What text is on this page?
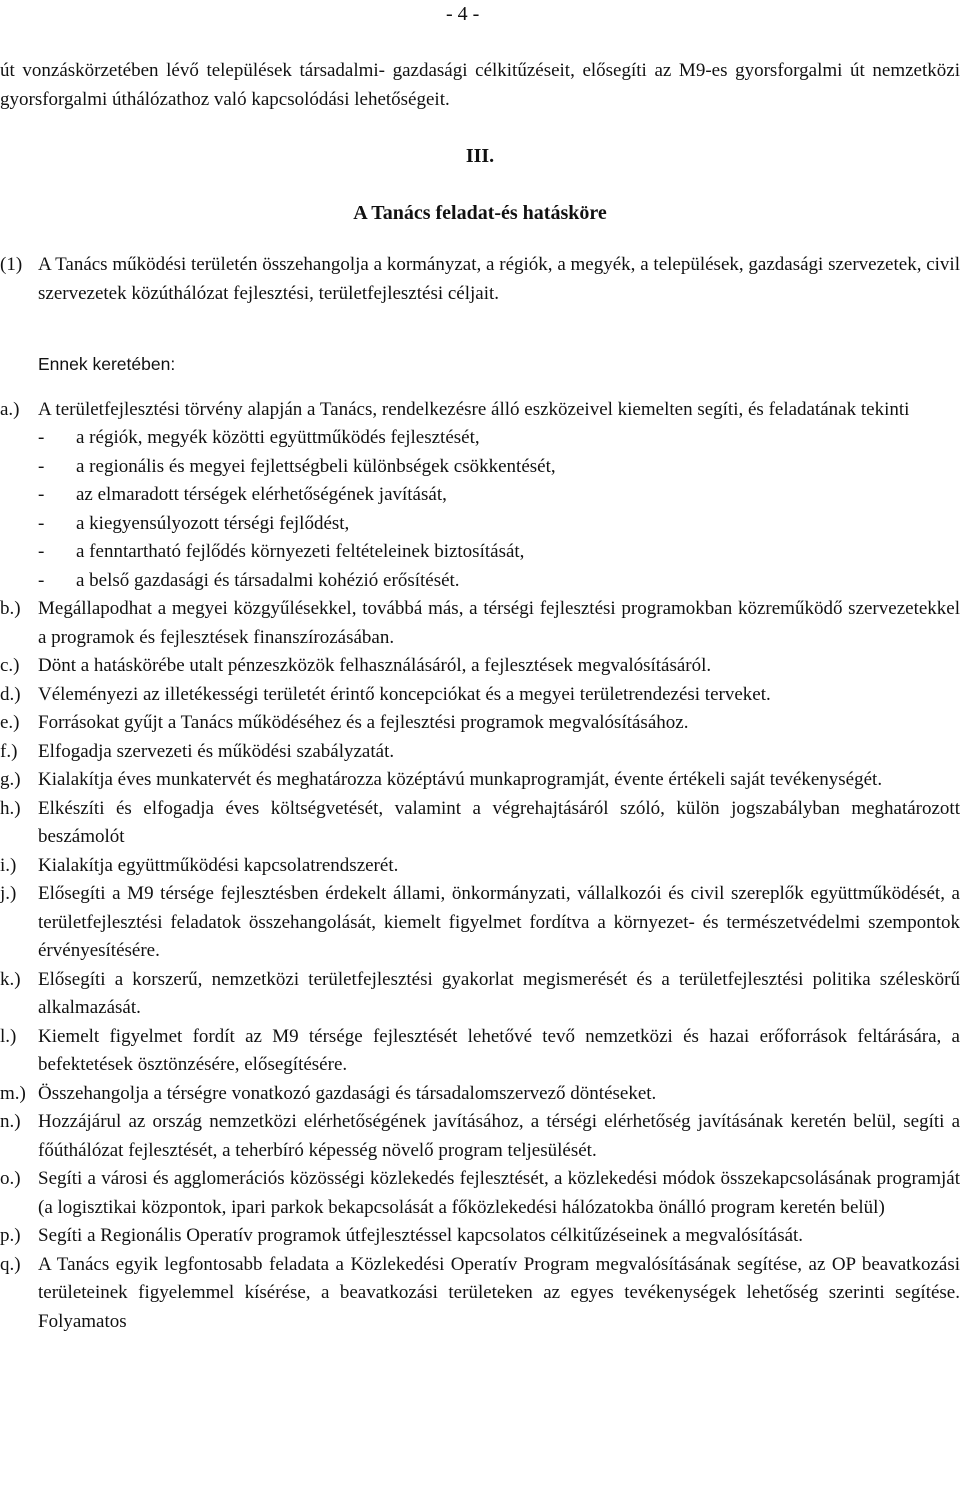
- 4 -

út vonzáskörzetében lévő települések társadalmi- gazdasági célkitűzéseit, elősegíti az M9-es gyorsforgalmi út nemzetközi gyorsforgalmi úthálózathoz való kapcsolódási lehetőségeit.

III.

A Tanács feladat-és hatásköre

(1) A Tanács működési területén összehangolja a kormányzat, a régiók, a megyék, a települések, gazdasági szervezetek, civil szervezetek közúthálózat fejlesztési, területfejlesztési céljait.

Ennek keretében:

a.) A területfejlesztési törvény alapján a Tanács, rendelkezésre álló eszközeivel kiemelten segíti, és feladatának tekinti
-	a régiók, megyék közötti együttműködés fejlesztését,
-	a regionális és megyei fejlettségbeli különbségek csökkentését,
-	az elmaradott térségek elérhetőségének javítását,
-	a kiegyensúlyozott térségi fejlődést,
-	a fenntartható fejlődés környezeti feltételeinek biztosítását,
-	a belső gazdasági és társadalmi kohézió erősítését.
b.) Megállapodhat a megyei közgyűlésekkel, továbbá más, a térségi fejlesztési programokban közreműködő szervezetekkel a programok és fejlesztések finanszírozásában.
c.) Dönt a hatáskörébe utalt pénzeszközök felhasználásáról, a fejlesztések megvalósításáról.
d.) Véleményezi az illetékességi területét érintő koncepciókat és a megyei területrendezési terveket.
e.) Forrásokat gyűjt a Tanács működéséhez és a fejlesztési programok megvalósításához.
f.)	Elfogadja szervezeti és működési szabályzatát.
g.) Kialakítja éves munkatervét és meghatározza középtávú munkaprogramját, évente értékeli saját tevékenységét.
h.) Elkészíti és elfogadja éves költségvetését, valamint a végrehajtásáról szóló, külön jogszabályban meghatározott beszámolót
i.)	Kialakítja együttműködési kapcsolatrendszerét.
j.)	Elősegíti a M9 térsége fejlesztésben érdekelt állami, önkormányzati, vállalkozói és civil szereplők együttműködését, a területfejlesztési feladatok összehangolását, kiemelt figyelmet fordítva a környezet- és természetvédelmi szempontok érvényesítésére.
k.) Elősegíti a korszerű, nemzetközi területfejlesztési gyakorlat megismerését és a területfejlesztési politika széleskörű alkalmazását.
l.)	Kiemelt figyelmet fordít az M9 térsége fejlesztését lehetővé tevő nemzetközi és hazai erőforrások feltárására, a befektetések ösztönzésére, elősegítésére.
m.) Összehangolja a térségre vonatkozó gazdasági és társadalomszervező döntéseket.
n.) Hozzájárul az ország nemzetközi elérhetőségének javításához, a térségi elérhetőség javításának keretén belül, segíti a főúthálózat fejlesztését, a teherbíró képesség növelő program teljesülését.
o.) Segíti a városi és agglomerációs közösségi közlekedés fejlesztését, a közlekedési módok összekapcsolásának programját (a logisztikai központok, ipari parkok bekapcsolását a főközlekedési hálózatokba önálló program keretén belül)
p.) Segíti a Regionális Operatív programok útfejlesztéssel kapcsolatos célkitűzéseinek a megvalósítását.
q.) A Tanács egyik legfontosabb feladata a Közlekedési Operatív Program megvalósításának segítése, az OP beavatkozási területeinek figyelemmel kísérése, a beavatkozási területeken az egyes tevékenységek lehetőség szerinti segítése. Folyamatos
